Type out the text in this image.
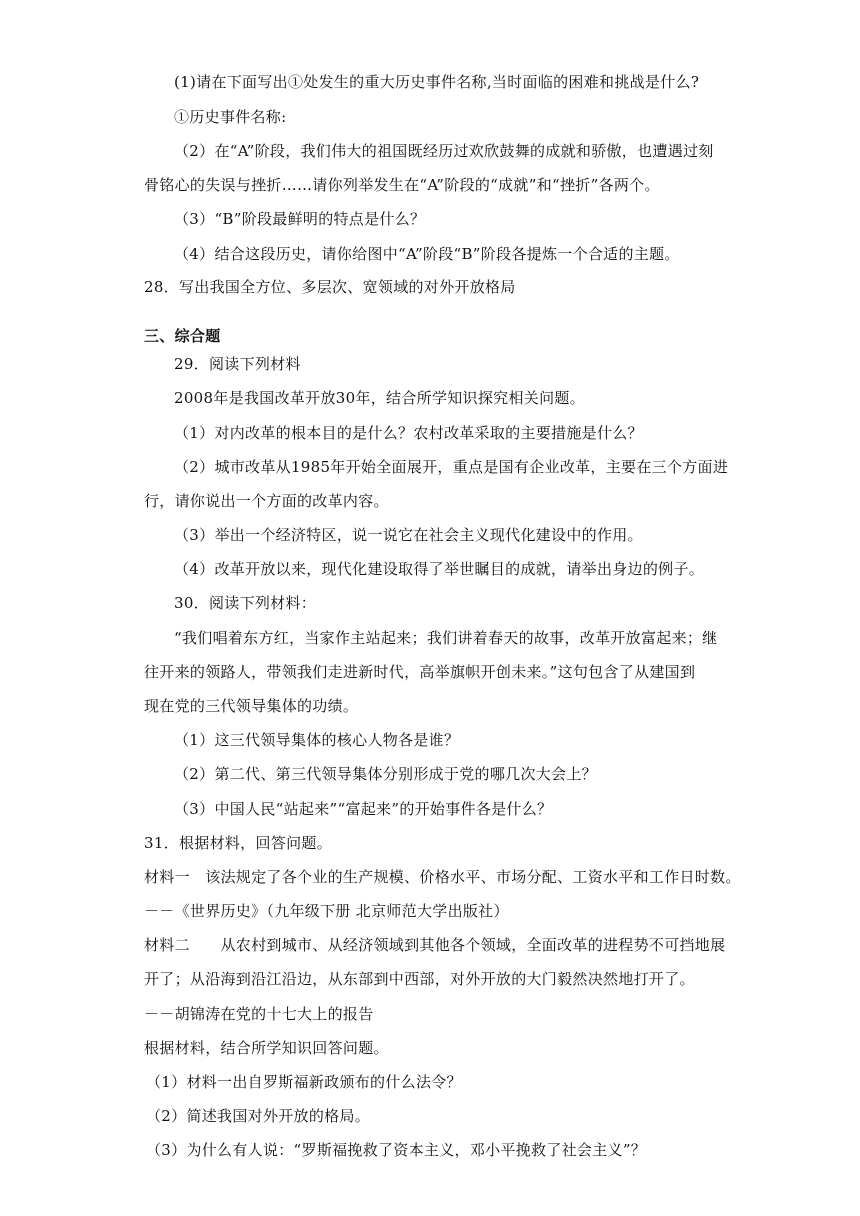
(1)请在下面写出①处发生的重大历史事件名称,当时面临的困难和挑战是什么?
①历史事件名称:
（2）在“A”阶段，我们伟大的祖国既经历过欢欣鼓舞的成就和骄傲，也遭遇过刻
骨铭心的失误与挫折……请你列举发生在“A”阶段的“成就”和“挫折”各两个。
（3）“B”阶段最鲜明的特点是什么？
（4）结合这段历史，请你给图中“A”阶段“B”阶段各提炼一个合适的主题。
28．写出我国全方位、多层次、宽领域的对外开放格局
三、综合题
29．阅读下列材料
2008年是我国改革开放30年，结合所学知识探究相关问题。
（1）对内改革的根本目的是什么？农村改革采取的主要措施是什么？
（2）城市改革从1985年开始全面展开，重点是国有企业改革，主要在三个方面进
行，请你说出一个方面的改革内容。
（3）举出一个经济特区，说一说它在社会主义现代化建设中的作用。
（4）改革开放以来，现代化建设取得了举世瞩目的成就，请举出身边的例子。
30．阅读下列材料：
“我们唱着东方红，当家作主站起来；我们讲着春天的故事，改革开放富起来；继
往开来的领路人，带领我们走进新时代，高举旗帜开创未来。”这句包含了从建国到
现在党的三代领导集体的功绩。
（1）这三代领导集体的核心人物各是谁？
（2）第二代、第三代领导集体分别形成于党的哪几次大会上？
（3）中国人民“站起来”“富起来”的开始事件各是什么？
31．根据材料，回答问题。
材料一　该法规定了各个业的生产规模、价格水平、市场分配、工资水平和工作日时数。
－－《世界历史》（九年级下册 北京师范大学出版社）
材料二　　从农村到城市、从经济领域到其他各个领域，全面改革的进程势不可挡地展
开了；从沿海到沿江沿边，从东部到中西部，对外开放的大门毅然决然地打开了。
－－胡锦涛在党的十七大上的报告
根据材料，结合所学知识回答问题。
（1）材料一出自罗斯福新政颁布的什么法令？
（2）简述我国对外开放的格局。
（3）为什么有人说：“罗斯福挽救了资本主义，邓小平挽救了社会主义”？
